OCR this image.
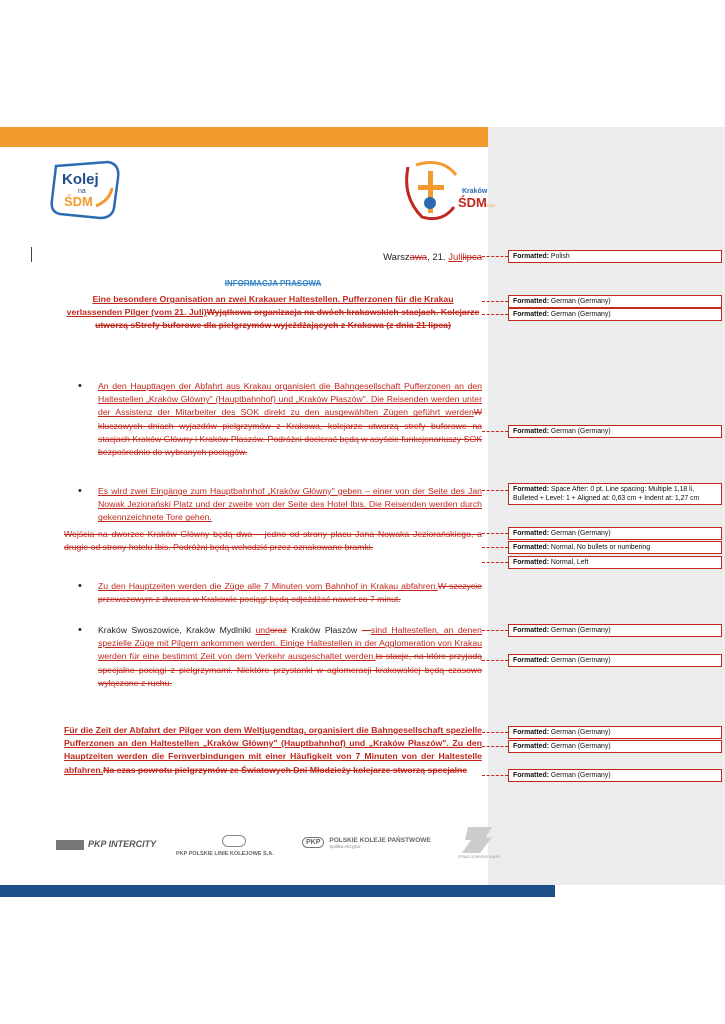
Kolej
na
ŚDM
Kraków
ŚDM 2016
Warszawa, 21. Julilipca
INFORMACJA PRASOWA
Eine besondere Organisation an zwei Krakauer Haltestellen. Pufferzonen für die Krakau
verlassenden Pilger (vom 21. Juli)Wyjątkowa organizacja na dwóch krakowskich stacjach. Kolejarze
utworzą sStrefy buforowe dla pielgrzymów wyjeżdżających z Krakowa (z dnia 21 lipca)
• An den Haupttagen der Abfahrt aus Krakau organisiert die Bahngesellschaft Pufferzonen an den Haltestellen „Kraków Główny" (Hauptbahnhof) und „Kraków Płaszów". Die Reisenden werden unter der Assistenz der Mitarbeiter des SOK direkt zu den ausgewählten Zügen geführt werdenW kluczowych dniach wyjazdów pielgrzymów z Krakowa, kolejarze utworzą strefy buforowe na stacjach Kraków Główny i Kraków Płaszów. Podróżni docierać będą w asyście funkcjonariuszy SOK bezpośrednio do wybranych pociągów.
• Es wird zwei Eingänge zum Hauptbahnhof „Kraków Główny" geben – einer von der Seite des Jan Nowak Jeziorański Platz und der zweite von der Seite des Hotel Ibis. Die Reisenden werden durch gekennzeichnete Tore gehen.
Wejścia na dworzec Kraków Główny będą dwa – jedno od strony placu Jana Nowaka Jeziorańskiego, a drugie od strony hotelu Ibis. Podróżni będą wchodzić przez oznakowane bramki.
• Zu den Hauptzeiten werden die Züge alle 7 Minuten vom Bahnhof in Krakau abfahren.W szczycie przewozowym z dworca w Krakowie pociągi będą odjeżdżać nawet co 7 minut.
• Kraków Swoszowice, Kraków Mydlniki undoraz Kraków Płaszów – sind Haltestellen, an denen spezielle Züge mit Pilgern ankommen werden. Einige Haltestellen in der Agglomeration von Krakau werden für eine bestimmt Zeit von dem Verkehr ausgeschaltet werden.to stacje, na które przyjadą specjalne pociągi z pielgrzymami. Niektóre przystanki w aglomeracji krakowskiej będą czasowo wyłączone z ruchu.
Für die Zeit der Abfahrt der Pilger von dem Weltjugendtag, organisiert die Bahngesellschaft spezielle Pufferzonen an den Haltestellen „Kraków Główny" (Hauptbahnhof) und „Kraków Płaszów". Zu den Hauptzeiten werden die Fernverbindungen mit einer Häufigkeit von 7 Minuten von der Haltestelle abfahren.Na czas powrotu pielgrzymów ze Światowych Dni Młodzieży kolejarze stworzą specjalne
Formatted: Polish
Formatted: German (Germany)
Formatted: German (Germany)
Formatted: German (Germany)
Formatted: Space After: 0 pt, Line spacing: Multiple 1,18 li, Bulleted + Level: 1 + Aligned at: 0,63 cm + Indent at: 1,27 cm
Formatted: German (Germany)
Formatted: Normal, No bullets or numbering
Formatted: Normal, Left
Formatted: German (Germany)
Formatted: German (Germany)
Formatted: German (Germany)
Formatted: German (Germany)
Formatted: German (Germany)
PKP INTERCITY
PKP POLSKIE LINIE KOLEJOWE S.A.
PKP POLSKIE KOLEJE PAŃSTWOWE
Spółka Akcyjna
STRAŻ OCHRONY KOLEI
